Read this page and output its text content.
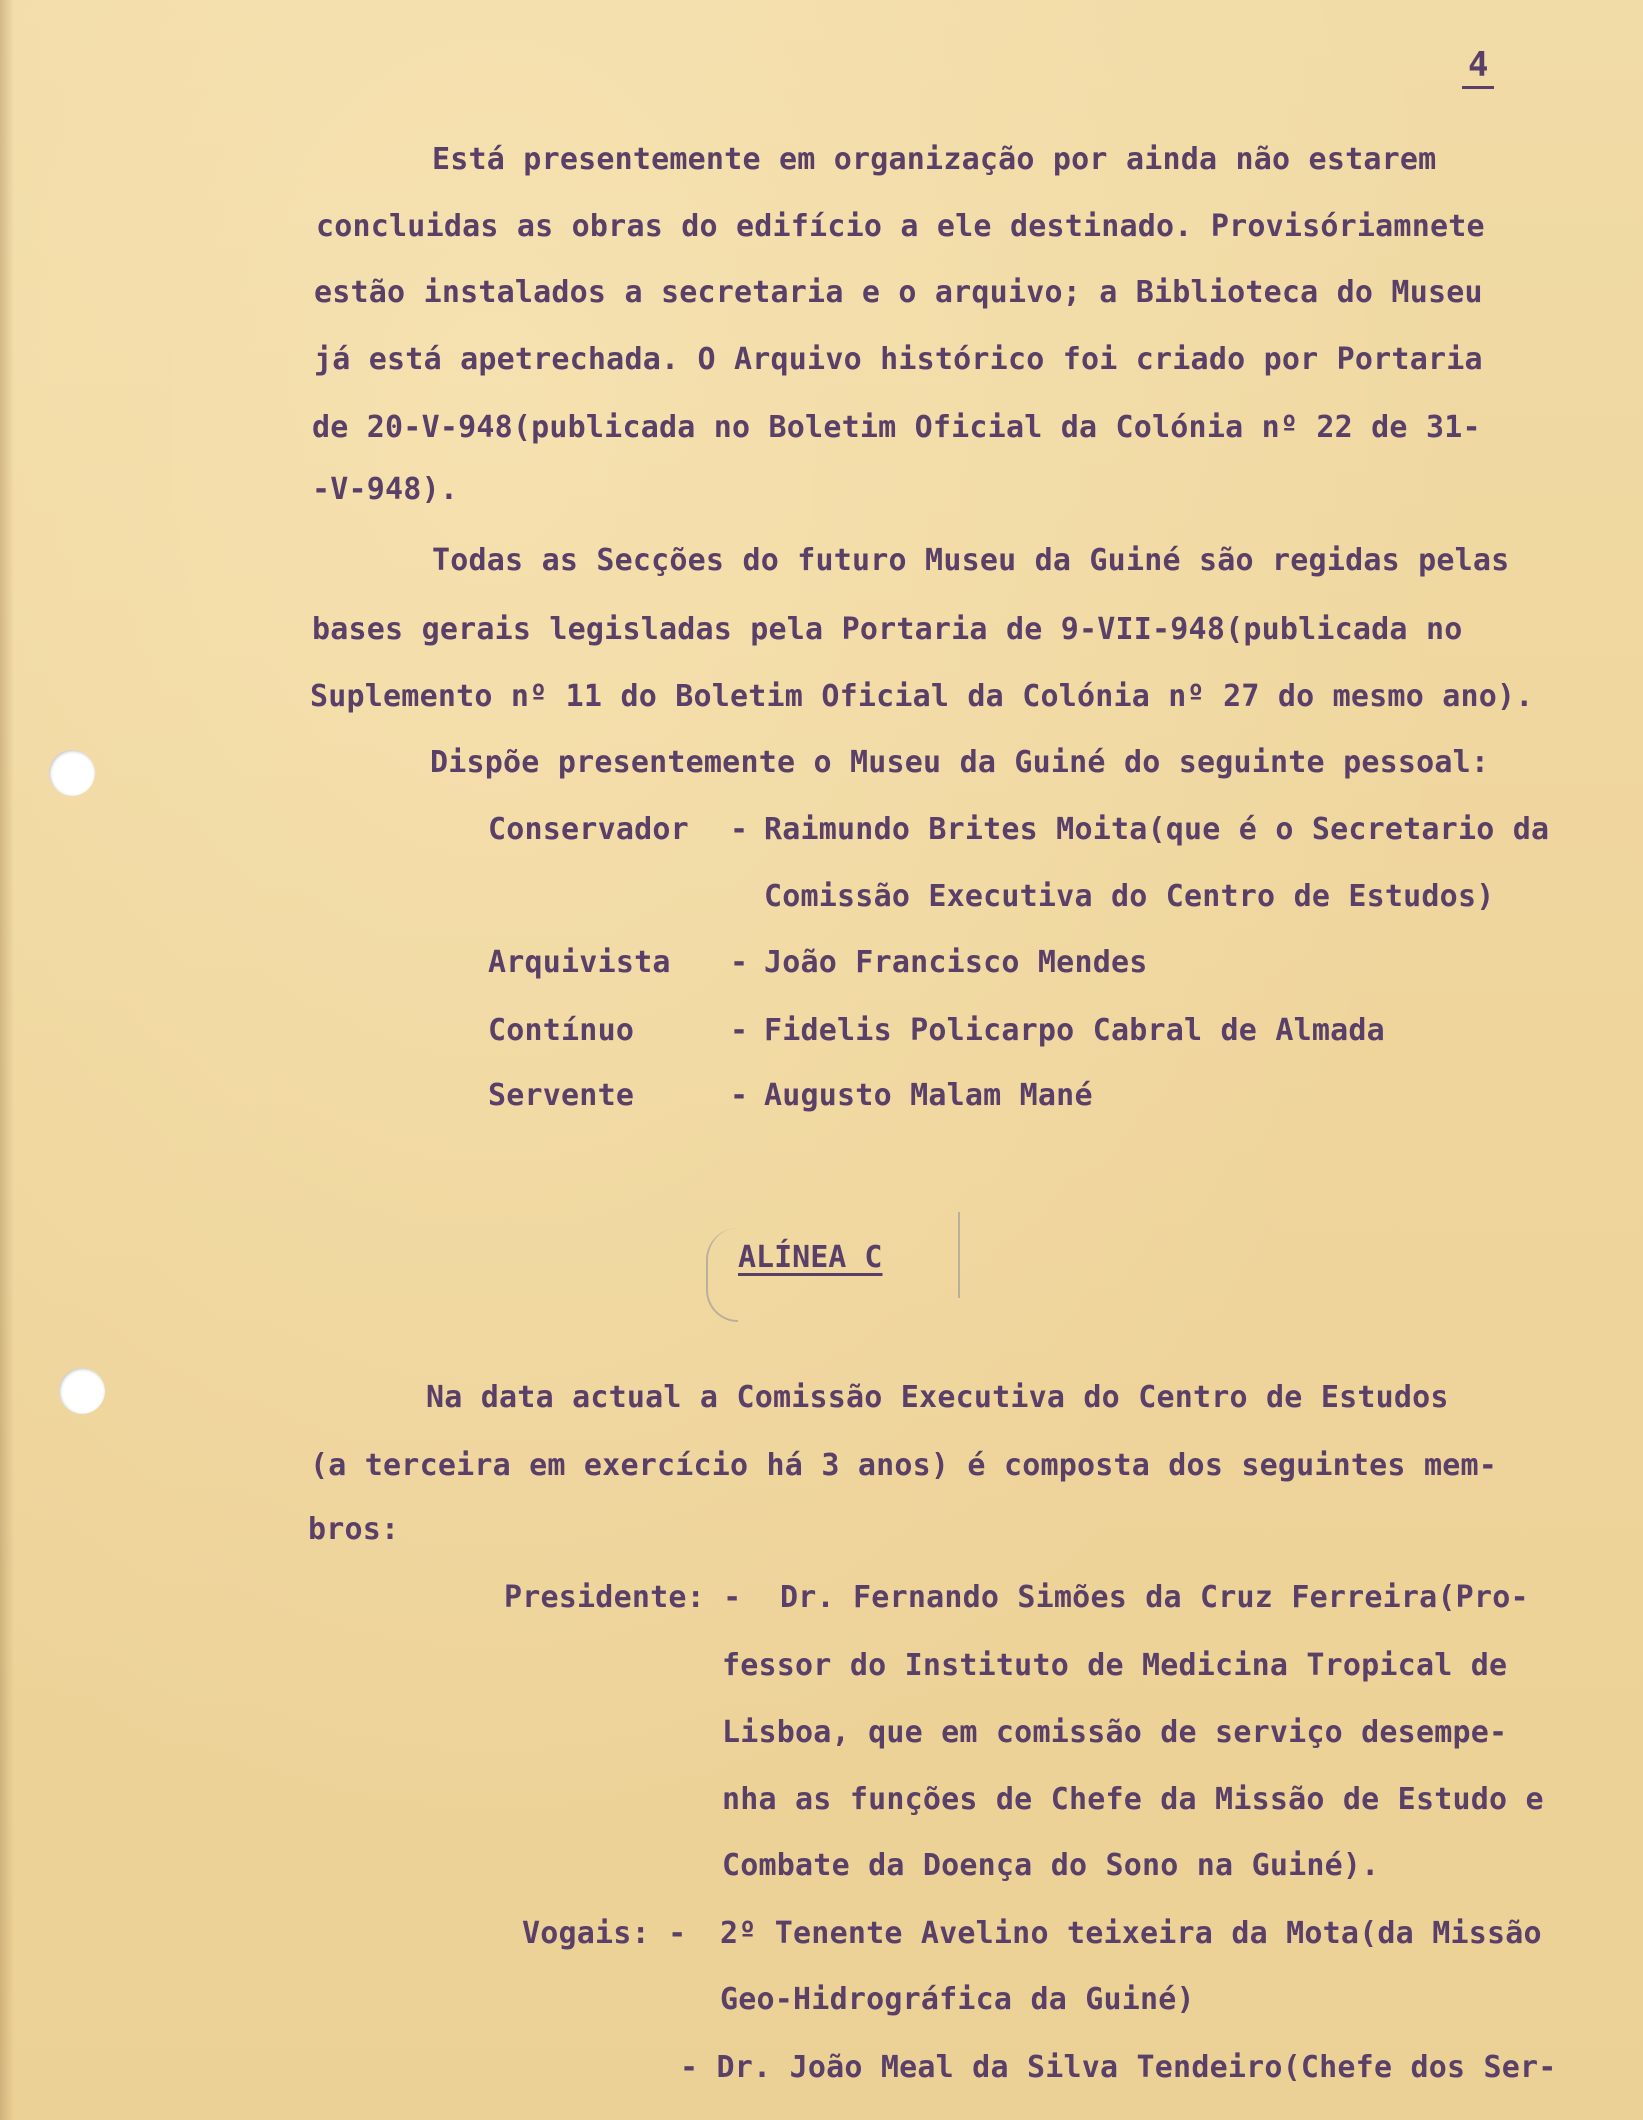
4
Está presentemente em organização por ainda não estarem
concluidas as obras do edifício a ele destinado. Provisóriamnete
estão instalados a secretaria e o arquivo; a Biblioteca do Museu
já está apetrechada. O Arquivo histórico foi criado por Portaria
de 20-V-948(publicada no Boletim Oficial da Colónia nº 22 de 31-
-V-948).
Todas as Secções do futuro Museu da Guiné são regidas pelas
bases gerais legisladas pela Portaria de 9-VII-948(publicada no
Suplemento nº 11 do Boletim Oficial da Colónia nº 27 do mesmo ano).
Dispõe presentemente o Museu da Guiné do seguinte pessoal:
Conservador - Raimundo Brites Moita(que é o Secretario da
Comissão Executiva do Centro de Estudos)
Arquivista - João Francisco Mendes
Contínuo	- Fidelis Policarpo Cabral de Almada
Servente	- Augusto Malam Mané
ALÍNEA C
Na data actual a Comissão Executiva do Centro de Estudos
(a terceira em exercício há 3 anos) é composta dos seguintes mem-
bros:
Presidente: - Dr. Fernando Simões da Cruz Ferreira(Pro-
fessor do Instituto de Medicina Tropical de
Lisboa, que em comissão de serviço desempe-
nha as funções de Chefe da Missão de Estudo e
Combate da Doença do Sono na Guiné).
Vogais: - 2º Tenente Avelino teixeira da Mota(da Missão
Geo-Hidrográfica da Guiné)
- Dr. João Meal da Silva Tendeiro(Chefe dos Ser-
